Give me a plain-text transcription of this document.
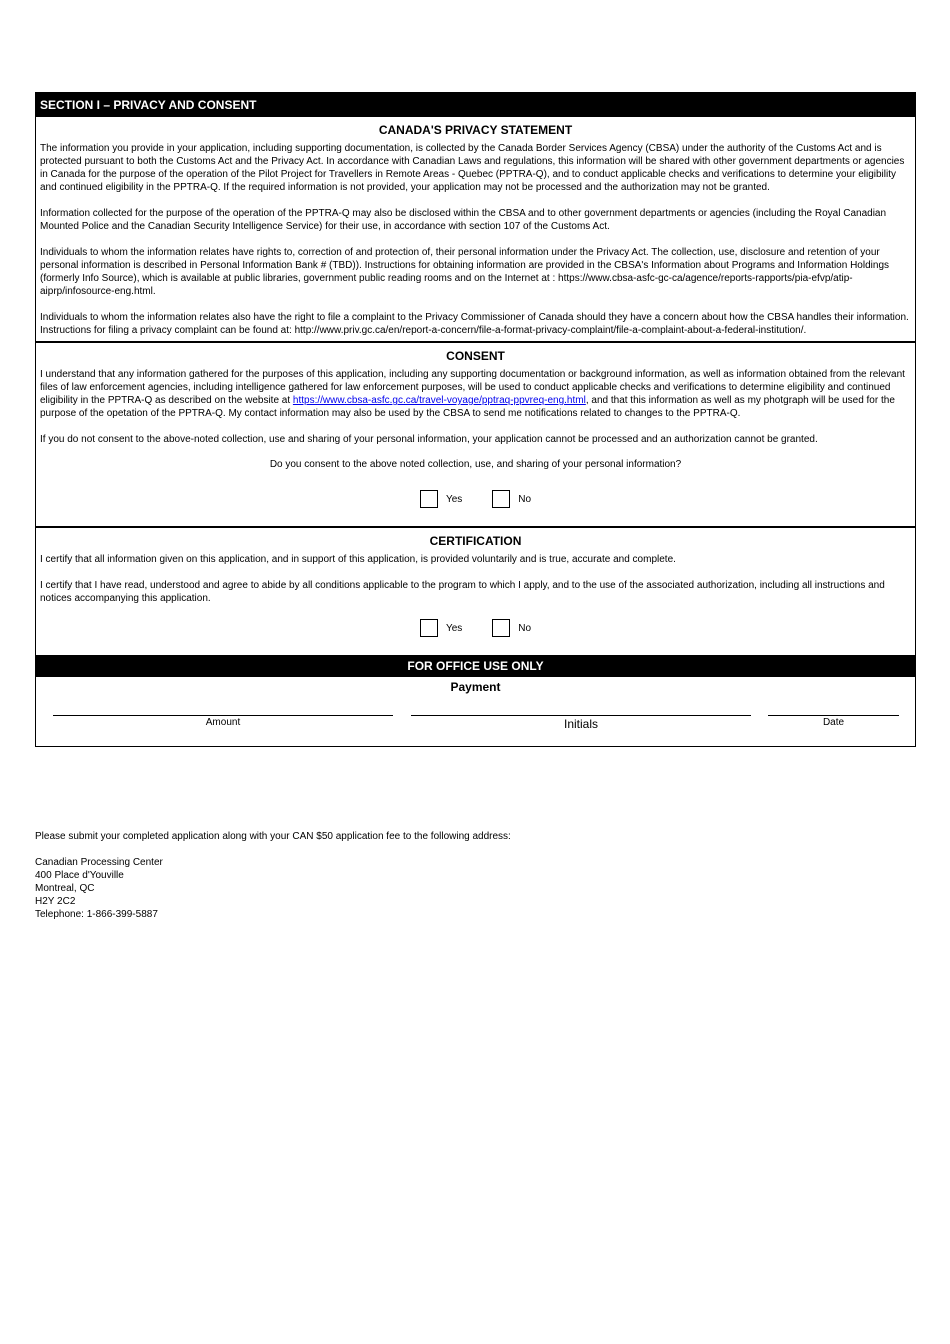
SECTION I – PRIVACY AND CONSENT
CANADA'S PRIVACY STATEMENT

The information you provide in your application, including supporting documentation, is collected by the Canada Border Services Agency (CBSA) under the authority of the Customs Act and is protected pursuant to both the Customs Act and the Privacy Act. In accordance with Canadian Laws and regulations, this information will be shared with other government departments or agencies in Canada for the purpose of the operation of the Pilot Project for Travellers in Remote Areas - Quebec (PPTRA-Q), and to conduct applicable checks and verifications to determine your eligibility and continued eligibility in the PPTRA-Q. If the required information is not provided, your application may not be processed and the authorization may not be granted.

Information collected for the purpose of the operation of the PPTRA-Q may also be disclosed within the CBSA and to other government departments or agencies (including the Royal Canadian Mounted Police and the Canadian Security Intelligence Service) for their use, in accordance with section 107 of the Customs Act.

Individuals to whom the information relates have rights to, correction of and protection of, their personal information under the Privacy Act. The collection, use, disclosure and retention of your personal information is described in Personal Information Bank # (TBD)). Instructions for obtaining information are provided in the CBSA's Information about Programs and Information Holdings (formerly Info Source), which is available at public libraries, government public reading rooms and on the Internet at : https://www.cbsa-asfc-gc-ca/agence/reports-rapports/pia-efvp/atip-aiprp/infosource-eng.html.

Individuals to whom the information relates also have the right to file a complaint to the Privacy Commissioner of Canada should they have a concern about how the CBSA handles their information. Instructions for filing a privacy complaint can be found at: http://www.priv.gc.ca/en/report-a-concern/file-a-format-privacy-complaint/file-a-complaint-about-a-federal-institution/.

CONSENT

I understand that any information gathered for the purposes of this application, including any supporting documentation or background information, as well as information obtained from the relevant files of law enforcement agencies, including intelligence gathered for law enforcement purposes, will be used to conduct applicable checks and verifications to determine eligibility and continued eligibility in the PPTRA-Q as described on the website at https://www.cbsa-asfc.gc.ca/travel-voyage/pptraq-ppvreq-eng.html, and that this information as well as my photgraph will be used for the purpose of the opetation of the PPTRA-Q. My contact information may also be used by the CBSA to send me notifications related to changes to the PPTRA-Q.

If you do not consent to the above-noted collection, use and sharing of your personal information, your application cannot be processed and an authorization cannot be granted.

Do you consent to the above noted collection, use, and sharing of your personal information?
Yes	No
CERTIFICATION

I certify that all information given on this application, and in support of this application, is provided voluntarily and is true, accurate and complete.

I certify that I have read, understood and agree to abide by all conditions applicable to the program to which I apply, and to the use of the associated authorization, including all instructions and notices accompanying this application.

Yes	No
FOR OFFICE USE ONLY
Payment
Amount	Initials	Date

Please submit your completed application along with your CAN $50 application fee to the following address:

Canadian Processing Center
400 Place d'Youville
Montreal, QC
H2Y 2C2
Telephone: 1-866-399-5887
